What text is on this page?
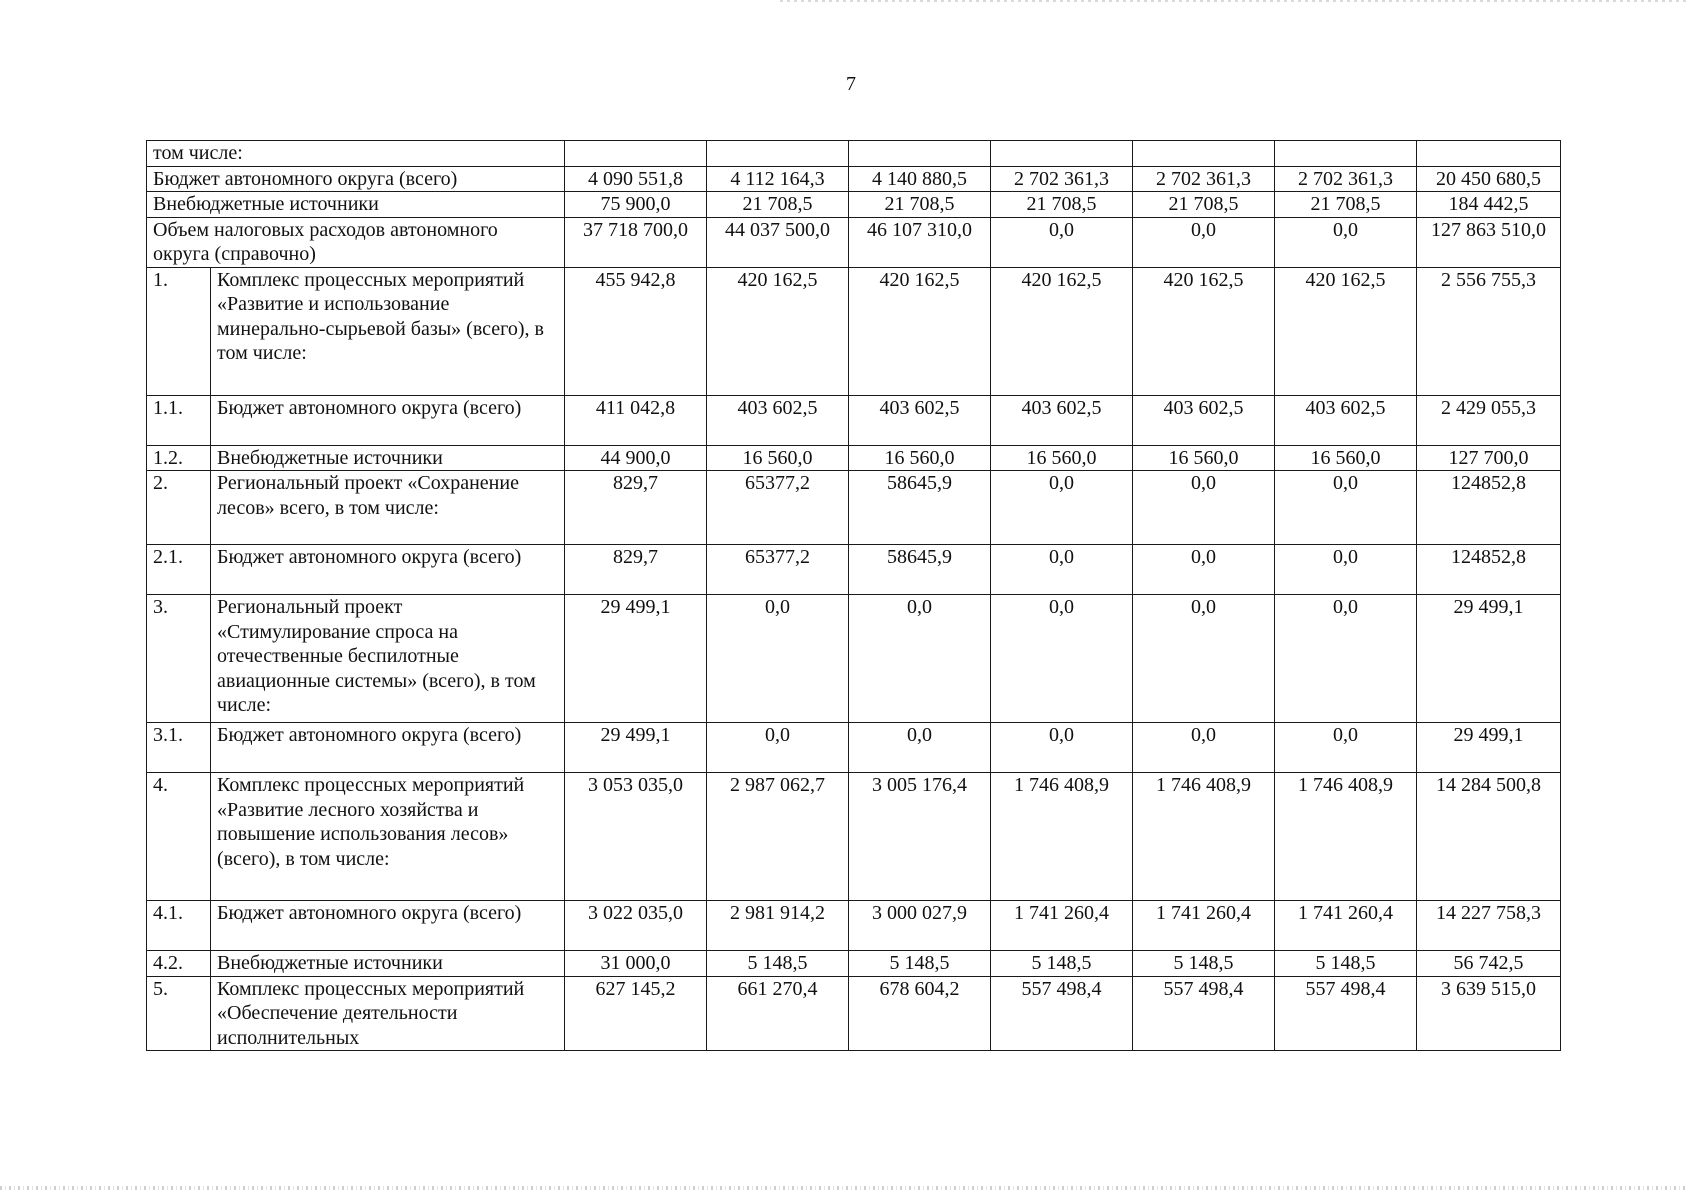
7
том числе:								
Бюджет автономного округа (всего)		4 090 551,8	4 112 164,3	4 140 880,5	2 702 361,3	2 702 361,3	2 702 361,3	20 450 680,5
Внебюджетные источники		75 900,0	21 708,5	21 708,5	21 708,5	21 708,5	21 708,5	184 442,5
Объем налоговых расходов автономного округа (справочно)		37 718 700,0	44 037 500,0	46 107 310,0	0,0	0,0	0,0	127 863 510,0
1.	Комплекс процессных мероприятий «Развитие и использование минерально-сырьевой базы» (всего), в том числе:	455 942,8	420 162,5	420 162,5	420 162,5	420 162,5	420 162,5	2 556 755,3
1.1.	Бюджет автономного округа (всего)	411 042,8	403 602,5	403 602,5	403 602,5	403 602,5	403 602,5	2 429 055,3
1.2.	Внебюджетные источники	44 900,0	16 560,0	16 560,0	16 560,0	16 560,0	16 560,0	127 700,0
2.	Региональный проект «Сохранение лесов» всего, в том числе:	829,7	65377,2	58645,9	0,0	0,0	0,0	124852,8
2.1.	Бюджет автономного округа (всего)	829,7	65377,2	58645,9	0,0	0,0	0,0	124852,8
3.	Региональный проект «Стимулирование спроса на отечественные беспилотные авиационные системы» (всего), в том числе:	29 499,1	0,0	0,0	0,0	0,0	0,0	29 499,1
3.1.	Бюджет автономного округа (всего)	29 499,1	0,0	0,0	0,0	0,0	0,0	29 499,1
4.	Комплекс процессных мероприятий «Развитие лесного хозяйства и повышение использования лесов» (всего), в том числе:	3 053 035,0	2 987 062,7	3 005 176,4	1 746 408,9	1 746 408,9	1 746 408,9	14 284 500,8
4.1.	Бюджет автономного округа (всего)	3 022 035,0	2 981 914,2	3 000 027,9	1 741 260,4	1 741 260,4	1 741 260,4	14 227 758,3
4.2.	Внебюджетные источники	31 000,0	5 148,5	5 148,5	5 148,5	5 148,5	5 148,5	56 742,5
5.	Комплекс процессных мероприятий «Обеспечение деятельности исполнительных	627 145,2	661 270,4	678 604,2	557 498,4	557 498,4	557 498,4	3 639 515,0
